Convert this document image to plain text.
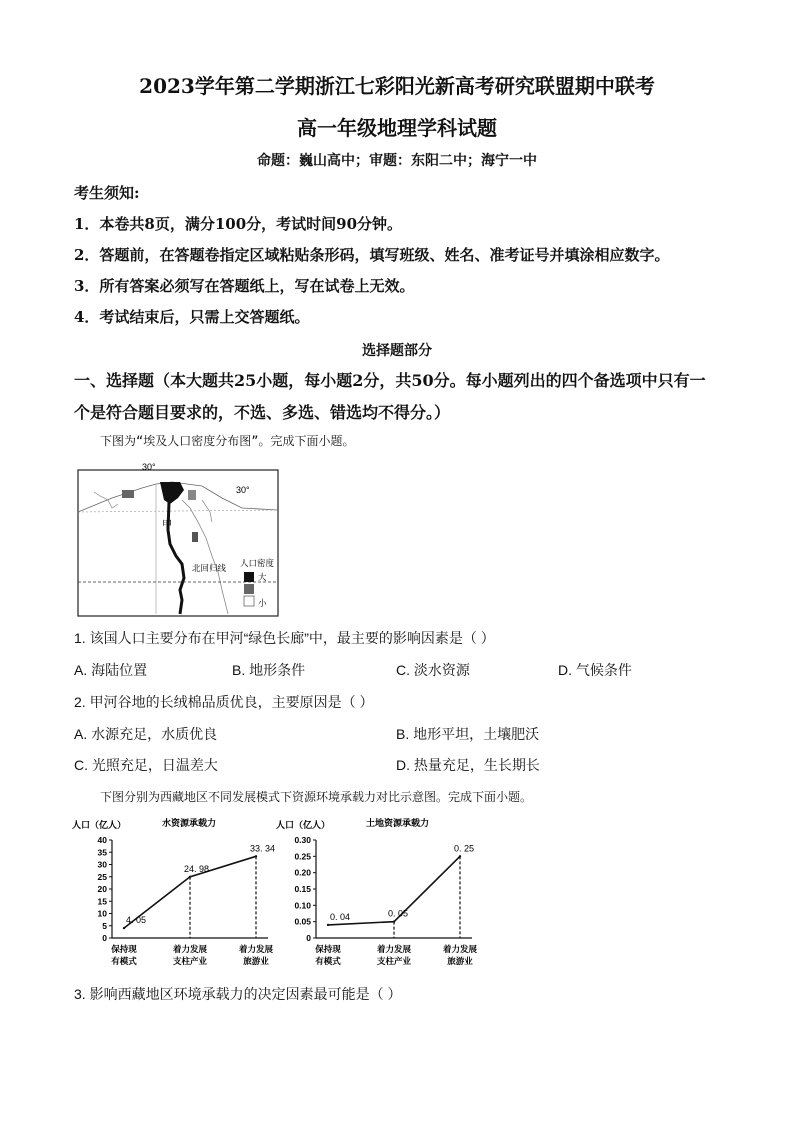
2023学年第二学期浙江七彩阳光新高考研究联盟期中联考
高一年级地理学科试题
命题：巍山高中；审题：东阳二中；海宁一中
考生须知:
1．本卷共8页，满分100分，考试时间90分钟。
2．答题前，在答题卷指定区域粘贴条形码，填写班级、姓名、准考证号并填涂相应数字。
3．所有答案必须写在答题纸上，写在试卷上无效。
4．考试结束后，只需上交答题纸。
选择题部分
一、选择题（本大题共25小题，每小题2分，共50分。每小题列出的四个备选项中只有一
个是符合题目要求的，不选、多选、错选均不得分。）
下图为“埃及人口密度分布图”。完成下面小题。
30°
30°
甲
北回归线 人口密度
大
小
1. 该国人口主要分布在甲河“绿色长廊”中，最主要的影响因素是（ ）
A. 海陆位置	B. 地形条件	C. 淡水资源	D. 气候条件
2. 甲河谷地的长绒棉品质优良，主要原因是（ ）
A. 水源充足，水质优良	B. 地形平坦，土壤肥沃
C. 光照充足，日温差大	D. 热量充足，生长期长
下图分别为西藏地区不同发展模式下资源环境承载力对比示意图。完成下面小题。
人口（亿人）	水资源承载力
0
5
10
15
20
25
30
35
40
4. 05
保持现
有模式
24. 98
着力发展
支柱产业
33. 34
着力发展
旅游业
人口（亿人）	土地资源承载力
0
0.05
0.10
0.15
0.20
0.25
0.30
0. 04
保持现
有模式
0. 05
着力发展
支柱产业
0. 25
着力发展
旅游业
3. 影响西藏地区环境承载力的决定因素最可能是（ ）
